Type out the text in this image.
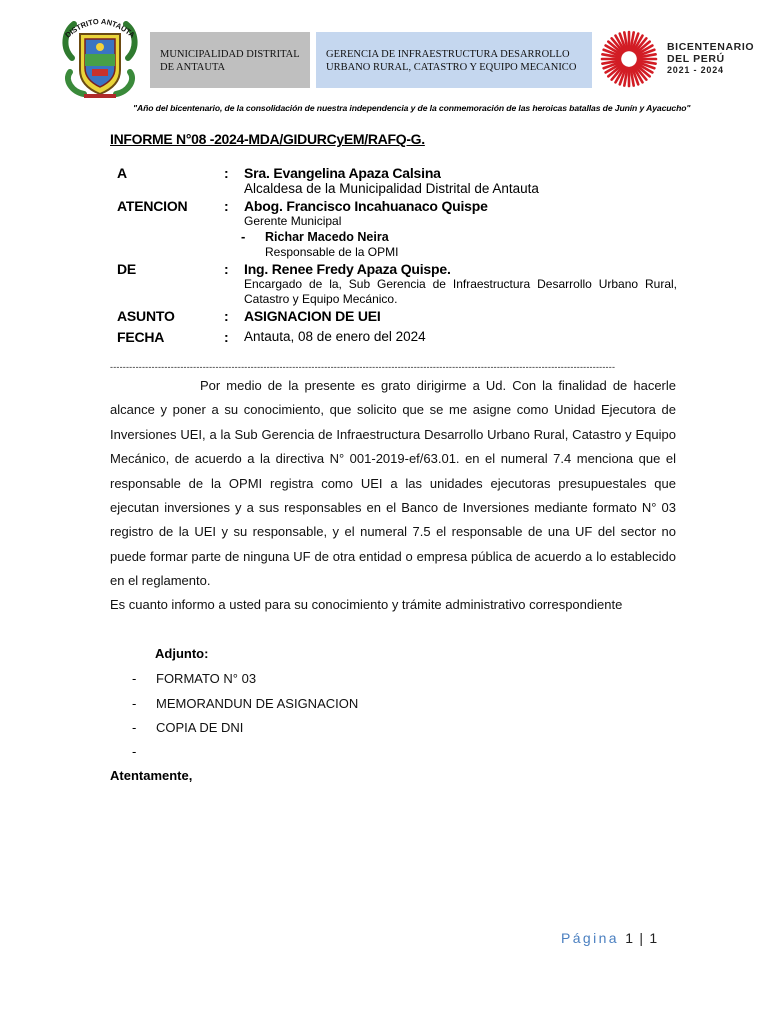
DISTRITO ANTAUTA
MUNICIPALIDAD DISTRITAL DE ANTAUTA
GERENCIA DE INFRAESTRUCTURA DESARROLLO URBANO RURAL, CATASTRO Y EQUIPO MECANICO
BICENTENARIO
DEL PERÚ
2021 - 2024
"Año del bicentenario, de la consolidación de nuestra independencia y de la conmemoración de las heroicas batallas de Junín y Ayacucho"
INFORME N°08 -2024-MDA/GIDURCyEM/RAFQ-G.
A	: Sra. Evangelina Apaza Calsina
Alcaldesa de la Municipalidad Distrital de Antauta
ATENCION	: Abog. Francisco Incahuanaco Quispe
Gerente Municipal
- Richar Macedo Neira
Responsable de la OPMI
DE	: Ing. Renee Fredy Apaza Quispe.
Encargado de la, Sub Gerencia de Infraestructura Desarrollo Urbano Rural, Catastro y Equipo Mecánico.
ASUNTO	: ASIGNACION DE UEI
FECHA	: Antauta, 08 de enero del 2024
--------------------------------------------------------------------------------------------------------------------------------------------------------------
Por medio de la presente es grato dirigirme a Ud. Con la finalidad de hacerle alcance y poner a su conocimiento, que solicito que se me asigne como Unidad Ejecutora de Inversiones UEI, a la Sub Gerencia de Infraestructura Desarrollo Urbano Rural, Catastro y Equipo Mecánico, de acuerdo a la directiva N° 001-2019-ef/63.01. en el numeral 7.4 menciona que el responsable de la OPMI registra como UEI a las unidades ejecutoras presupuestales que ejecutan inversiones y a sus responsables en el Banco de Inversiones mediante formato N° 03 registro de la UEI y su responsable, y el numeral 7.5 el responsable de una UF del sector no puede formar parte de ninguna UF de otra entidad o empresa pública de acuerdo a lo establecido en el reglamento.
Es cuanto informo a usted para su conocimiento y trámite administrativo correspondiente
Adjunto:
- FORMATO N° 03
- MEMORANDUN DE ASIGNACION
- COPIA DE DNI
-
Atentamente,
Página 1 | 1
